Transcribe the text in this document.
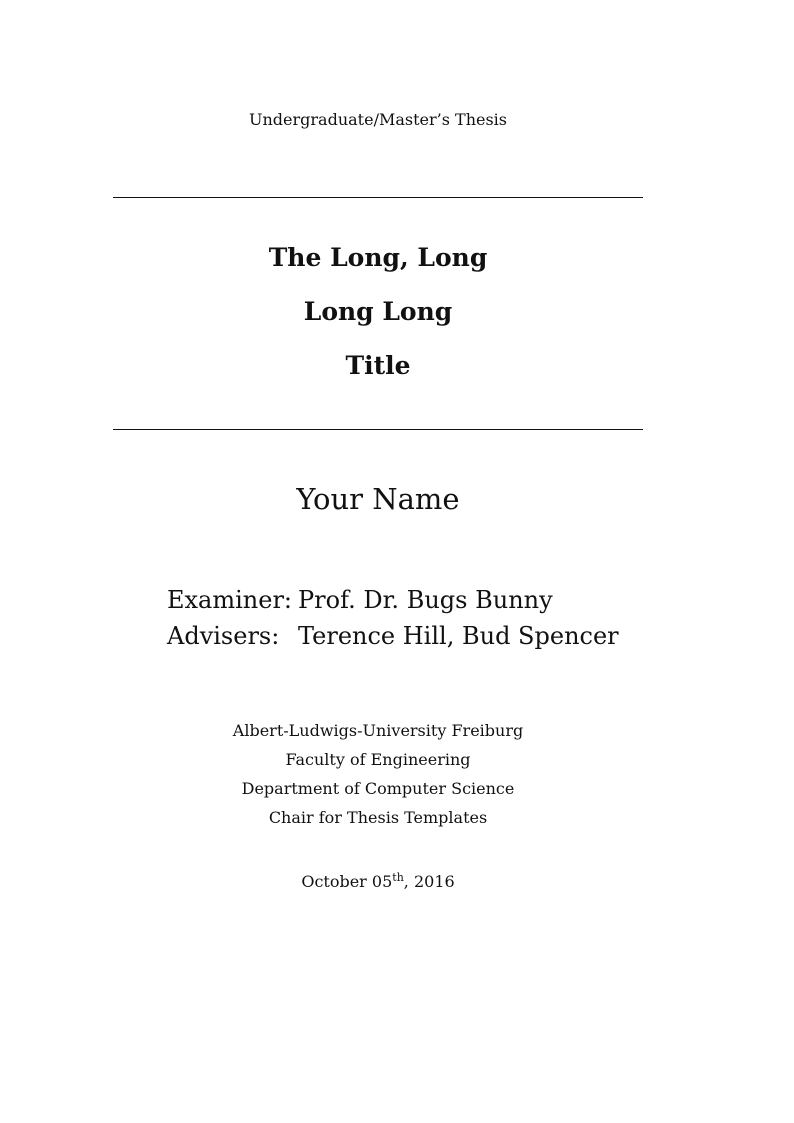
Undergraduate/Master’s Thesis
The Long, Long
Long Long
Title
Your Name
Examiner: Prof. Dr. Bugs Bunny
Advisers: Terence Hill, Bud Spencer
Albert-Ludwigs-University Freiburg
Faculty of Engineering
Department of Computer Science
Chair for Thesis Templates
October 05th, 2016
